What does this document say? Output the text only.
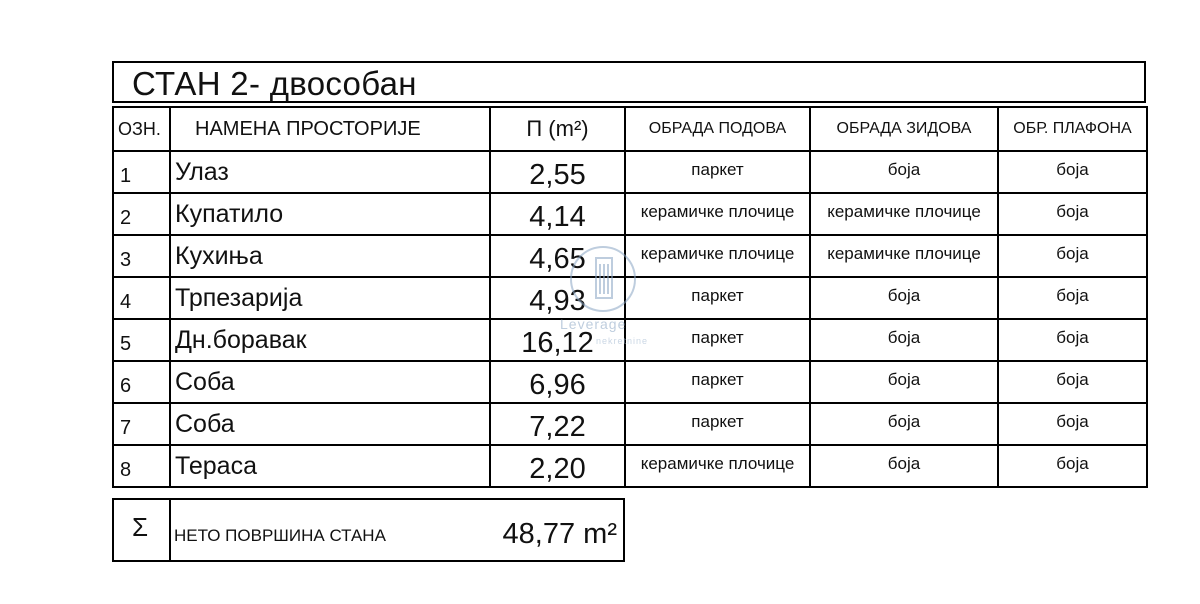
СТАН 2- двособан
ОЗН.	НАМЕНА ПРОСТОРИЈЕ	П (m²)	ОБРАДА ПОДОВА	ОБРАДА ЗИДОВА	ОБР. ПЛАФОНА
1	Улаз	2,55	паркет	боја	боја
2	Купатило	4,14	керамичке плочице	керамичке плочице	боја
3	Кухиња	4,65	керамичке плочице	керамичке плочице	боја
4	Трпезарија	4,93	паркет	боја	боја
5	Дн.боравак	16,12	паркет	боја	боја
6	Соба	6,96	паркет	боја	боја
7	Соба	7,22	паркет	боја	боја
8	Тераса	2,20	керамичке плочице	боја	боја
Σ НЕТО ПОВРШИНА СТАНА	48,77 m²
Leverage
nekretnine
